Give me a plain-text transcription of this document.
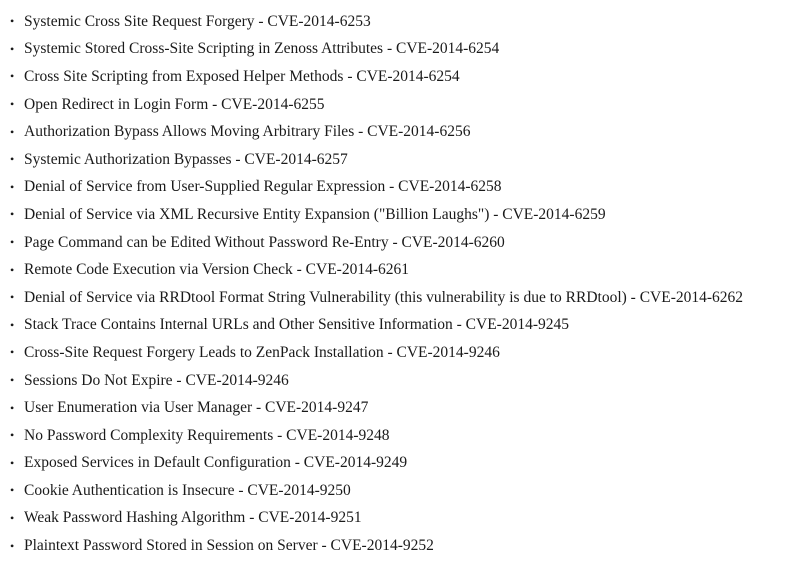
• Systemic Cross Site Request Forgery - CVE-2014-6253
• Systemic Stored Cross-Site Scripting in Zenoss Attributes - CVE-2014-6254
• Cross Site Scripting from Exposed Helper Methods - CVE-2014-6254
• Open Redirect in Login Form - CVE-2014-6255
• Authorization Bypass Allows Moving Arbitrary Files - CVE-2014-6256
• Systemic Authorization Bypasses - CVE-2014-6257
• Denial of Service from User-Supplied Regular Expression - CVE-2014-6258
• Denial of Service via XML Recursive Entity Expansion ("Billion Laughs") - CVE-2014-6259
• Page Command can be Edited Without Password Re-Entry - CVE-2014-6260
• Remote Code Execution via Version Check - CVE-2014-6261
• Denial of Service via RRDtool Format String Vulnerability (this vulnerability is due to RRDtool) - CVE-2014-6262
• Stack Trace Contains Internal URLs and Other Sensitive Information - CVE-2014-9245
• Cross-Site Request Forgery Leads to ZenPack Installation - CVE-2014-9246
• Sessions Do Not Expire - CVE-2014-9246
• User Enumeration via User Manager - CVE-2014-9247
• No Password Complexity Requirements - CVE-2014-9248
• Exposed Services in Default Configuration - CVE-2014-9249
• Cookie Authentication is Insecure - CVE-2014-9250
• Weak Password Hashing Algorithm - CVE-2014-9251
• Plaintext Password Stored in Session on Server - CVE-2014-9252
